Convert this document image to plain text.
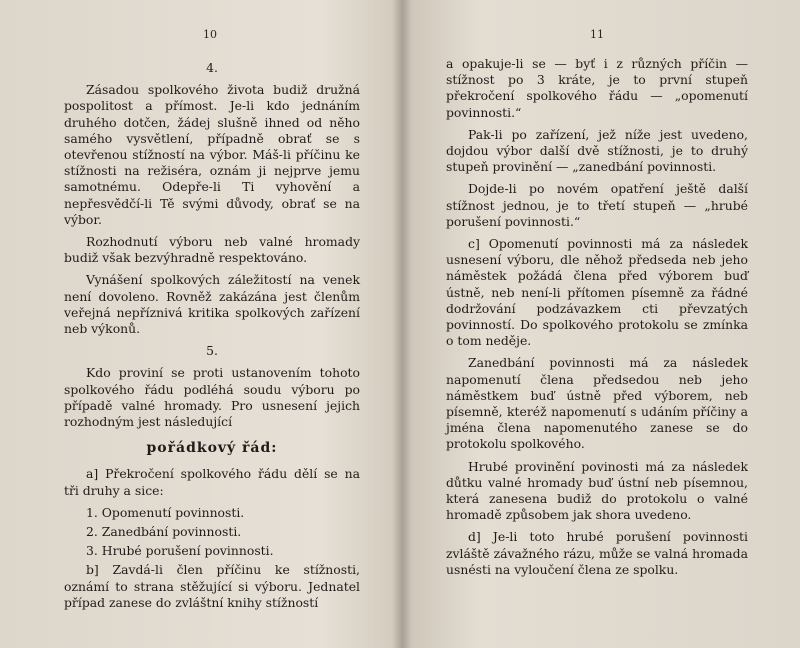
10

4.

Zásadou spolkového života budiž družná pospolitost a přímost. Je-li kdo jednáním druhého dotčen, žádej slušně ihned od něho samého vysvětlení, případně obrať se s otevřenou stížností na výbor. Máš-li příčinu ke stížnosti na režiséra, oznám ji nejprve jemu samotnému. Odepře-li Ti vyhovění a nepřesvědčí-li Tě svými důvody, obrať se na výbor.

Rozhodnutí výboru neb valné hromady budiž však bezvýhradně respektováno.

Vynášení spolkových záležitostí na venek není dovoleno. Rovněž zakázána jest členům veřejná nepříznivá kritika spolkových zařízení neb výkonů.

5.

Kdo proviní se proti ustanovením tohoto spolkového řádu podléhá soudu výboru po případě valné hromady. Pro usnesení jejich rozhodným jest následující

pořádkový řád:

a] Překročení spolkového řádu dělí se na tři druhy a sice:

1. Opomenutí povinnosti.

2. Zanedbání povinnosti.

3. Hrubé porušení povinnosti.

b] Zavdá-li člen příčinu ke stížnosti, oznámí to strana stěžující si výboru. Jednatel případ zanese do zvláštní knihy stížností

11

a opakuje-li se — byť i z různých příčin — stížnost po 3 kráte, je to první stupeň překročení spolkového řádu — „opomenutí povinnosti.“

Pak-li po zařízení, jež níže jest uvedeno, dojdou výbor další dvě stížnosti, je to druhý stupeň provinění — „zanedbání povinnosti.

Dojde-li po novém opatření ještě další stížnost jednou, je to třetí stupeň — „hrubé porušení povinnosti.“

c] Opomenutí povinnosti má za následek usnesení výboru, dle něhož předseda neb jeho náměstek požádá člena před výborem buď ústně, neb není-li přítomen písemně za řádné dodržování podzávazkem cti převzatých povinností. Do spolkového protokolu se zmínka o tom neděje.

Zanedbání povinnosti má za následek napomenutí člena předsedou neb jeho náměstkem buď ústně před výborem, neb písemně, kteréž napomenutí s udáním příčiny a jména člena napomenutého zanese se do protokolu spolkového.

Hrubé provinění povinosti má za následek důtku valné hromady buď ústní neb písemnou, která zanesena budiž do protokolu o valné hromadě způsobem jak shora uvedeno.

d] Je-li toto hrubé porušení povinnosti zvláště závažného rázu, může se valná hromada usnésti na vyloučení člena ze spolku.
